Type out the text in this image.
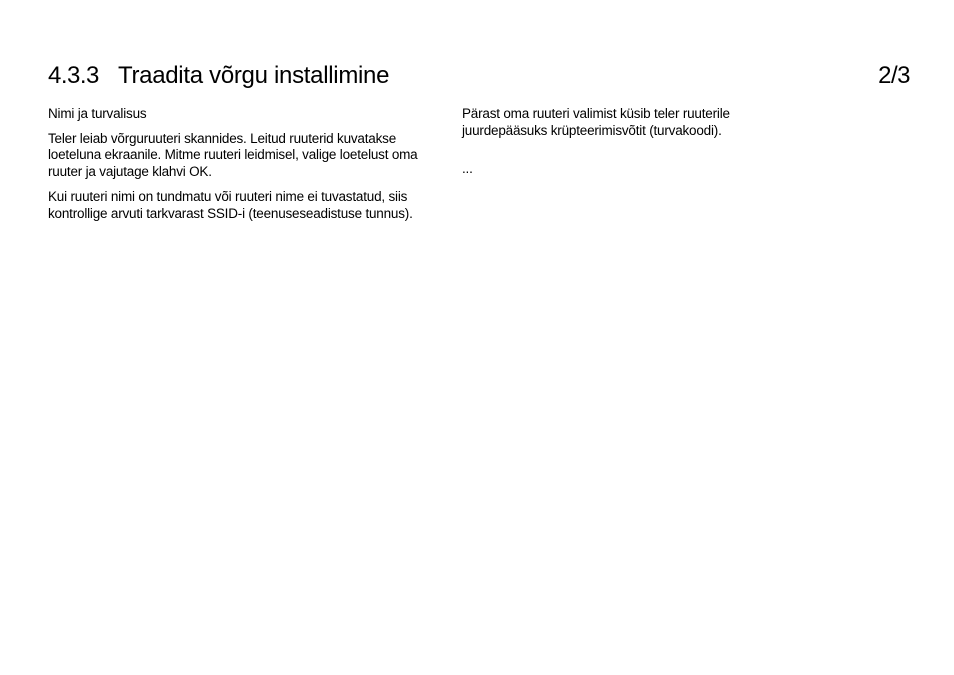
4.3.3 Traadita võrgu installimine	2/3

Nimi ja turvalisus

Teler leiab võrguruuteri skannides. Leitud ruuterid kuvatakse loeteluna ekraanile. Mitme ruuteri leidmisel, valige loetelust oma ruuter ja vajutage klahvi OK.

Kui ruuteri nimi on tundmatu või ruuteri nime ei tuvastatud, siis kontrollige arvuti tarkvarast SSID-i (teenuseseadistuse tunnus).

Pärast oma ruuteri valimist küsib teler ruuterile juurdepääsuks krüpteerimisvõtit (turvakoodi).

...
